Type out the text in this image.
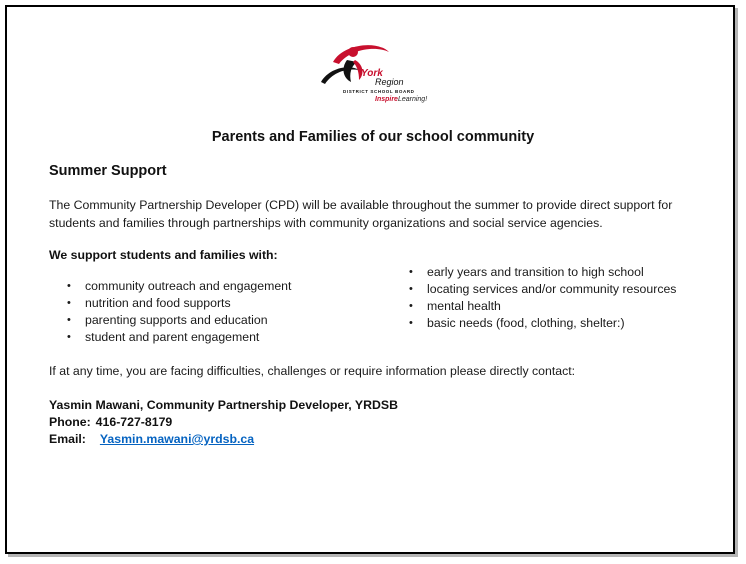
York
Region
DISTRICT SCHOOL BOARD
InspireLearning!
Parents and Families of our school community
Summer Support
The Community Partnership Developer (CPD) will be available throughout the summer to provide direct support for students and families through partnerships with community organizations and social service agencies.
We support students and families with:
• community outreach and engagement
• nutrition and food supports
• parenting supports and education
• student and parent engagement
• early years and transition to high school
• locating services and/or community resources
• mental health
• basic needs (food, clothing, shelter:)
If at any time, you are facing difficulties, challenges or require information please directly contact:
Yasmin Mawani, Community Partnership Developer, YRDSB
Phone: 416-727-8179
Email: Yasmin.mawani@yrdsb.ca
